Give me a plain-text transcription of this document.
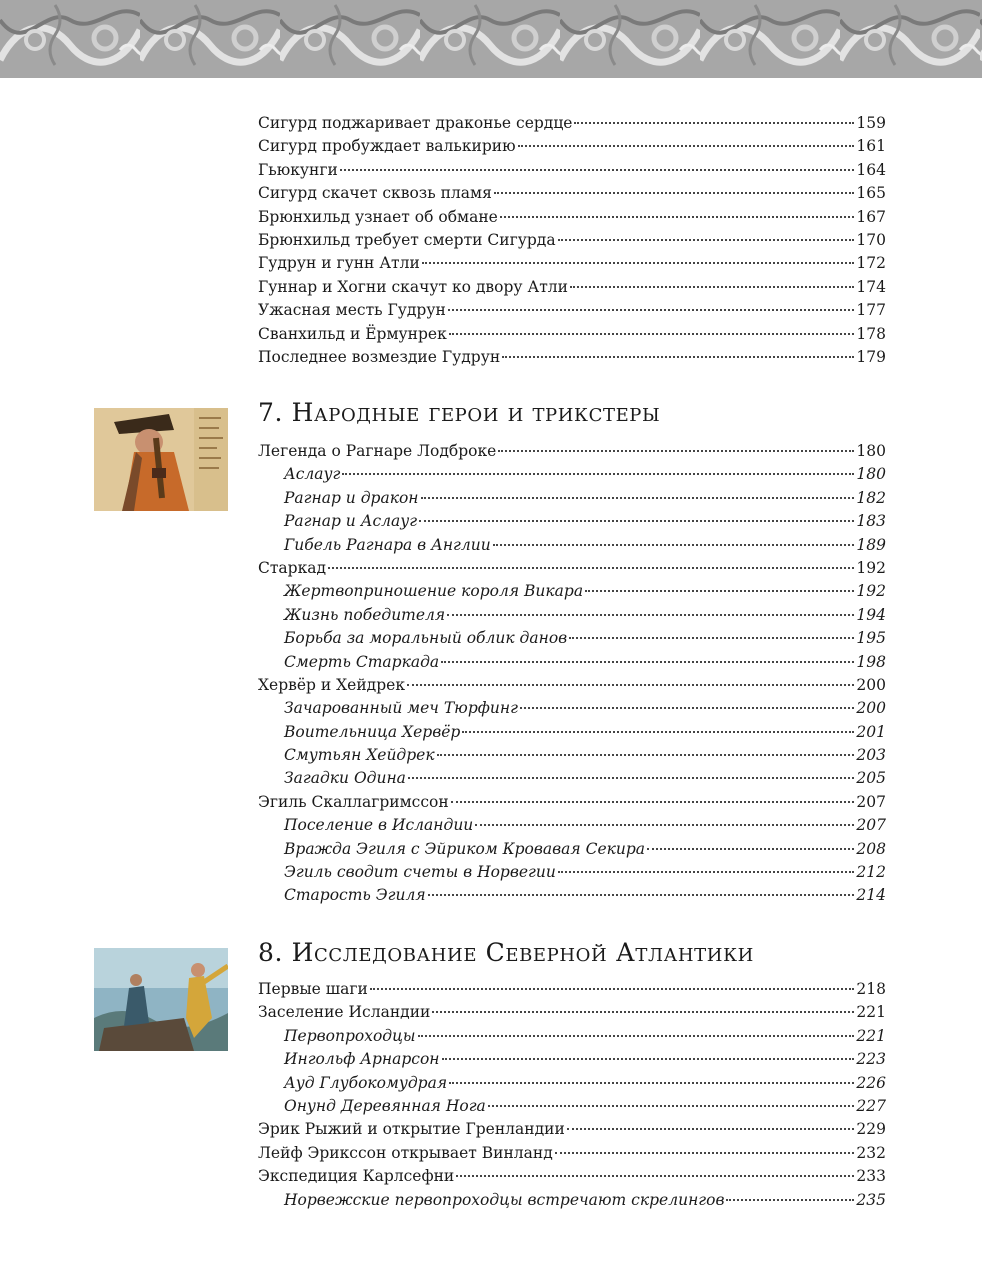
Сигурд поджаривает драконье сердце	159
Сигурд пробуждает валькирию	161
Гьюкунги	164
Сигурд скачет сквозь пламя	165
Брюнхильд узнает об обмане	167
Брюнхильд требует смерти Сигурда	170
Гудрун и гунн Атли	172
Гуннар и Хогни скачут ко двору Атли	174
Ужасная месть Гудрун	177
Сванхильд и Ёрмунрек	178
Последнее возмездие Гудрун	179
7. Народные герои и трикстеры
Легенда о Рагнаре Лодброке	180
Аслауг	180
Рагнар и дракон	182
Рагнар и Аслауг	183
Гибель Рагнара в Англии	189
Старкад	192
Жертвоприношение короля Викара	192
Жизнь победителя	194
Борьба за моральный облик данов	195
Смерть Старкада	198
Хервёр и Хейдрек	200
Зачарованный меч Тюрфинг	200
Воительница Хервёр	201
Смутьян Хейдрек	203
Загадки Одина	205
Эгиль Скаллагримссон	207
Поселение в Исландии	207
Вражда Эгиля с Эйриком Кровавая Секира	208
Эгиль сводит счеты в Норвегии	212
Старость Эгиля	214
8. Исследование Северной Атлантики
Первые шаги	218
Заселение Исландии	221
Первопроходцы	221
Ингольф Арнарсон	223
Ауд Глубокомудрая	226
Онунд Деревянная Нога	227
Эрик Рыжий и открытие Гренландии	229
Лейф Эрикссон открывает Винланд	232
Экспедиция Карлсефни	233
Норвежские первопроходцы встречают скрелингов	235
